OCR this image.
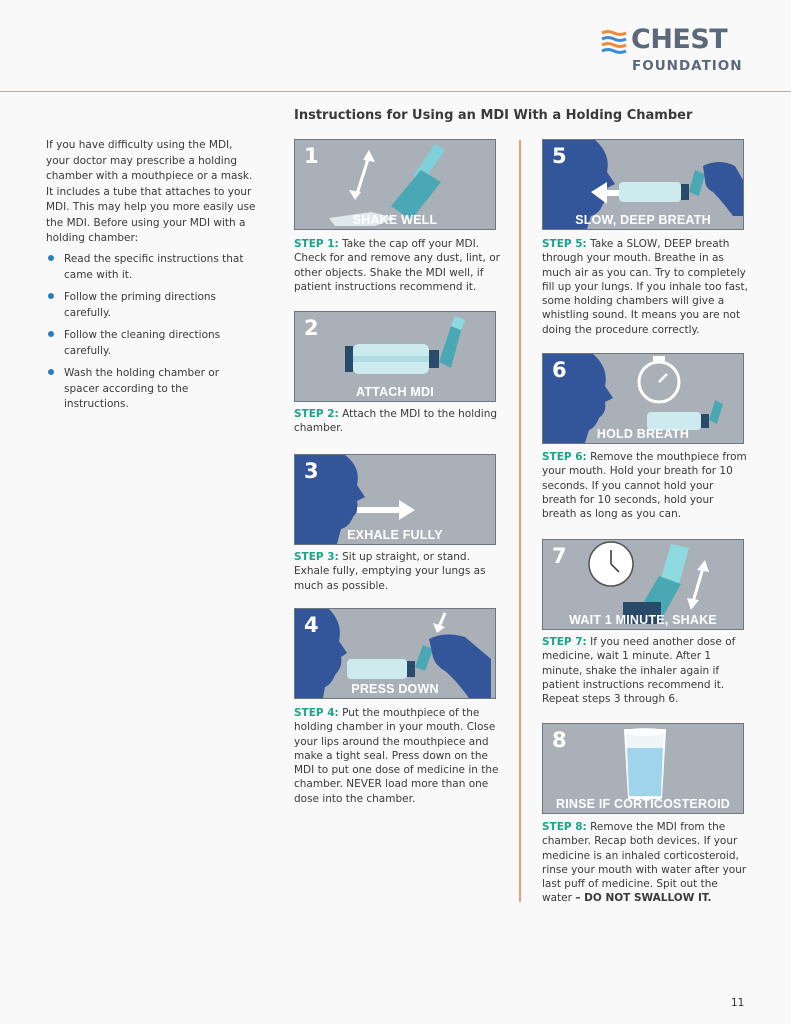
CHEST
FOUNDATION
Instructions for Using an MDI With a Holding Chamber

If you have difficulty using the MDI, your doctor may prescribe a holding chamber with a mouthpiece or a mask. It includes a tube that attaches to your MDI. This may help you more easily use the MDI. Before using your MDI with a holding chamber:

Read the specific instructions that came with it.
Follow the priming directions carefully.
Follow the cleaning directions carefully.
Wash the holding chamber or spacer according to the instructions.
1
SHAKE WELL
STEP 1: Take the cap off your MDI. Check for and remove any dust, lint, or other objects. Shake the MDI well, if patient instructions recommend it.
2
ATTACH MDI
STEP 2: Attach the MDI to the holding chamber.
3
EXHALE FULLY
STEP 3: Sit up straight, or stand. Exhale fully, emptying your lungs as much as possible.
4
PRESS DOWN
STEP 4: Put the mouthpiece of the holding chamber in your mouth. Close your lips around the mouthpiece and make a tight seal. Press down on the MDI to put one dose of medicine in the chamber. NEVER load more than one dose into the chamber.
5
SLOW, DEEP BREATH
STEP 5: Take a SLOW, DEEP breath through your mouth. Breathe in as much air as you can. Try to completely fill up your lungs. If you inhale too fast, some holding chambers will give a whistling sound. It means you are not doing the procedure correctly.
6
HOLD BREATH
STEP 6: Remove the mouthpiece from your mouth. Hold your breath for 10 seconds. If you cannot hold your breath for 10 seconds, hold your breath as long as you can.
7
WAIT 1 MINUTE, SHAKE
STEP 7: If you need another dose of medicine, wait 1 minute. After 1 minute, shake the inhaler again if patient instructions recommend it. Repeat steps 3 through 6.
8
RINSE IF CORTICOSTEROID
STEP 8: Remove the MDI from the chamber. Recap both devices. If your medicine is an inhaled corticosteroid, rinse your mouth with water after your last puff of medicine. Spit out the water – DO NOT SWALLOW IT.
11
